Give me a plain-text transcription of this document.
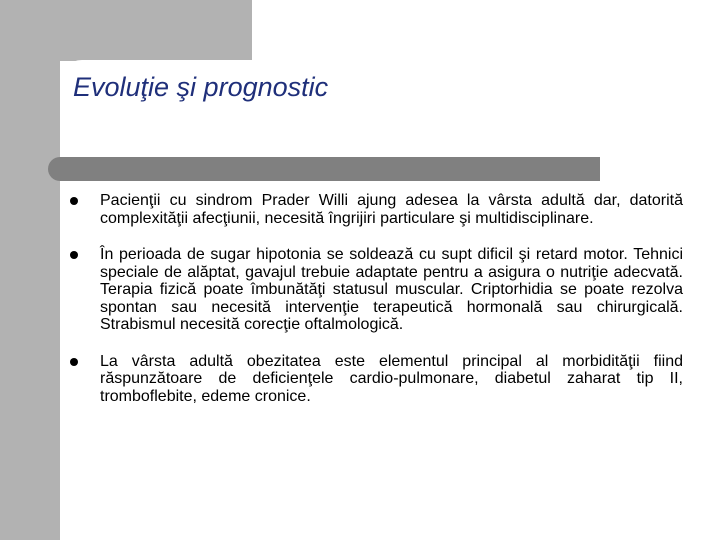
Evoluţie şi prognostic
Pacienţii cu sindrom Prader Willi ajung adesea la vârsta adultă dar, datorită complexităţii afecţiunii, necesită îngrijiri particulare şi multidisciplinare.
În perioada de sugar hipotonia se soldează cu supt dificil şi retard motor. Tehnici speciale de alăptat, gavajul trebuie adaptate pentru a asigura o nutriţie adecvată. Terapia fizică poate îmbunătăţi statusul muscular. Criptorhidia se poate rezolva spontan sau necesită intervenţie terapeutică hormonală sau chirurgicală. Strabismul necesită corecţie oftalmologică.
La vârsta adultă obezitatea este elementul principal al morbidităţii fiind răspunzătoare de deficienţele cardio-pulmonare, diabetul zaharat tip II, tromboflebite, edeme cronice.
